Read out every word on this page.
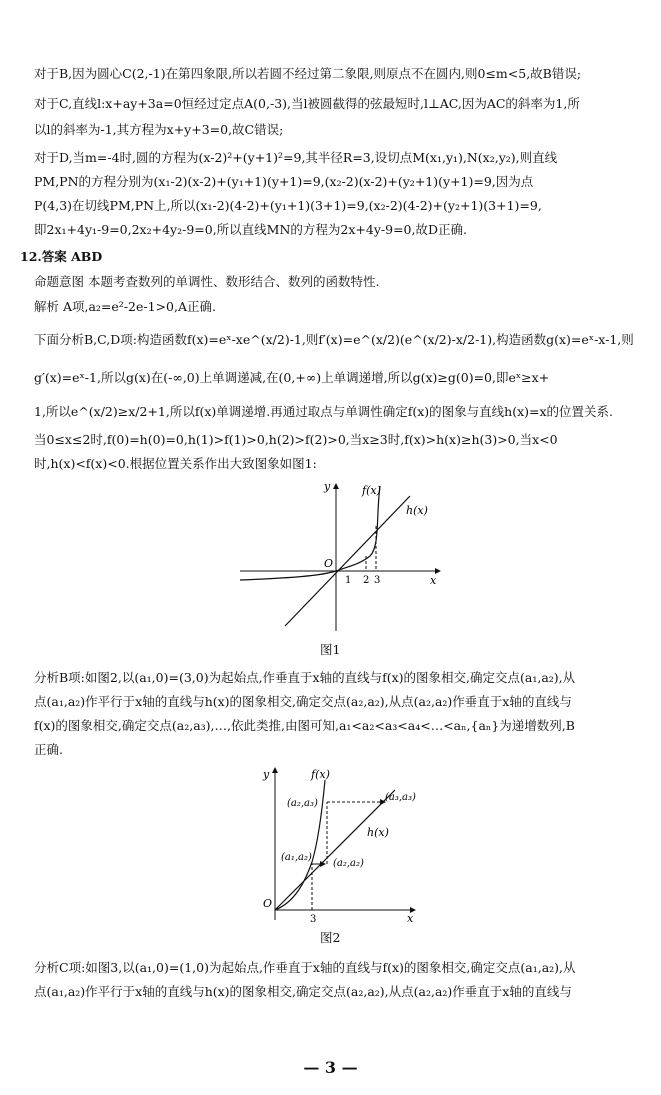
对于B,因为圆心C(2,-1)在第四象限,所以若圆不经过第二象限,则原点不在圆内,则0≤m<5,故B错误;
对于C,直线l:x+ay+3a=0恒经过定点A(0,-3),当l被圆截得的弦最短时,l⊥AC,因为AC的斜率为1,所
以l的斜率为-1,其方程为x+y+3=0,故C错误;
对于D,当m=-4时,圆的方程为(x-2)²+(y+1)²=9,其半径R=3,设切点M(x₁,y₁),N(x₂,y₂),则直线
PM,PN的方程分别为(x₁-2)(x-2)+(y₁+1)(y+1)=9,(x₂-2)(x-2)+(y₂+1)(y+1)=9,因为点
P(4,3)在切线PM,PN上,所以(x₁-2)(4-2)+(y₁+1)(3+1)=9,(x₂-2)(4-2)+(y₂+1)(3+1)=9,
即2x₁+4y₁-9=0,2x₂+4y₂-9=0,所以直线MN的方程为2x+4y-9=0,故D正确.
12.答案 ABD
命题意图 本题考查数列的单调性、数形结合、数列的函数特性.
解析 A项,a₂=e²-2e-1>0,A正确.
下面分析B,C,D项:构造函数f(x)=eˣ-xe^(x/2)-1,则f′(x)=e^(x/2)(e^(x/2)-x/2-1),构造函数g(x)=eˣ-x-1,则
g′(x)=eˣ-1,所以g(x)在(-∞,0)上单调递减,在(0,+∞)上单调递增,所以g(x)≥g(0)=0,即eˣ≥x+
1,所以e^(x/2)≥x/2+1,所以f(x)单调递增.再通过取点与单调性确定f(x)的图象与直线h(x)=x的位置关系.
当0≤x≤2时,f(0)=h(0)=0,h(1)>f(1)>0,h(2)>f(2)>0,当x≥3时,f(x)>h(x)≥h(3)>0,当x<0
时,h(x)<f(x)<0.根据位置关系作出大致图象如图1:
y
x
O
f(x)
h(x)
1 2 3
图1
分析B项:如图2,以(a₁,0)=(3,0)为起始点,作垂直于x轴的直线与f(x)的图象相交,确定交点(a₁,a₂),从
点(a₁,a₂)作平行于x轴的直线与h(x)的图象相交,确定交点(a₂,a₂),从点(a₂,a₂)作垂直于x轴的直线与
f(x)的图象相交,确定交点(a₂,a₃),…,依此类推,由图可知,a₁<a₂<a₃<a₄<…<aₙ,{aₙ}为递增数列,B
正确.
y
x
O
f(x)
h(x)
3
(a₁,a₂)
(a₂,a₂)
(a₂,a₃)
(a₃,a₃)
图2
分析C项:如图3,以(a₁,0)=(1,0)为起始点,作垂直于x轴的直线与f(x)的图象相交,确定交点(a₁,a₂),从
点(a₁,a₂)作平行于x轴的直线与h(x)的图象相交,确定交点(a₂,a₂),从点(a₂,a₂)作垂直于x轴的直线与
— 3 —
